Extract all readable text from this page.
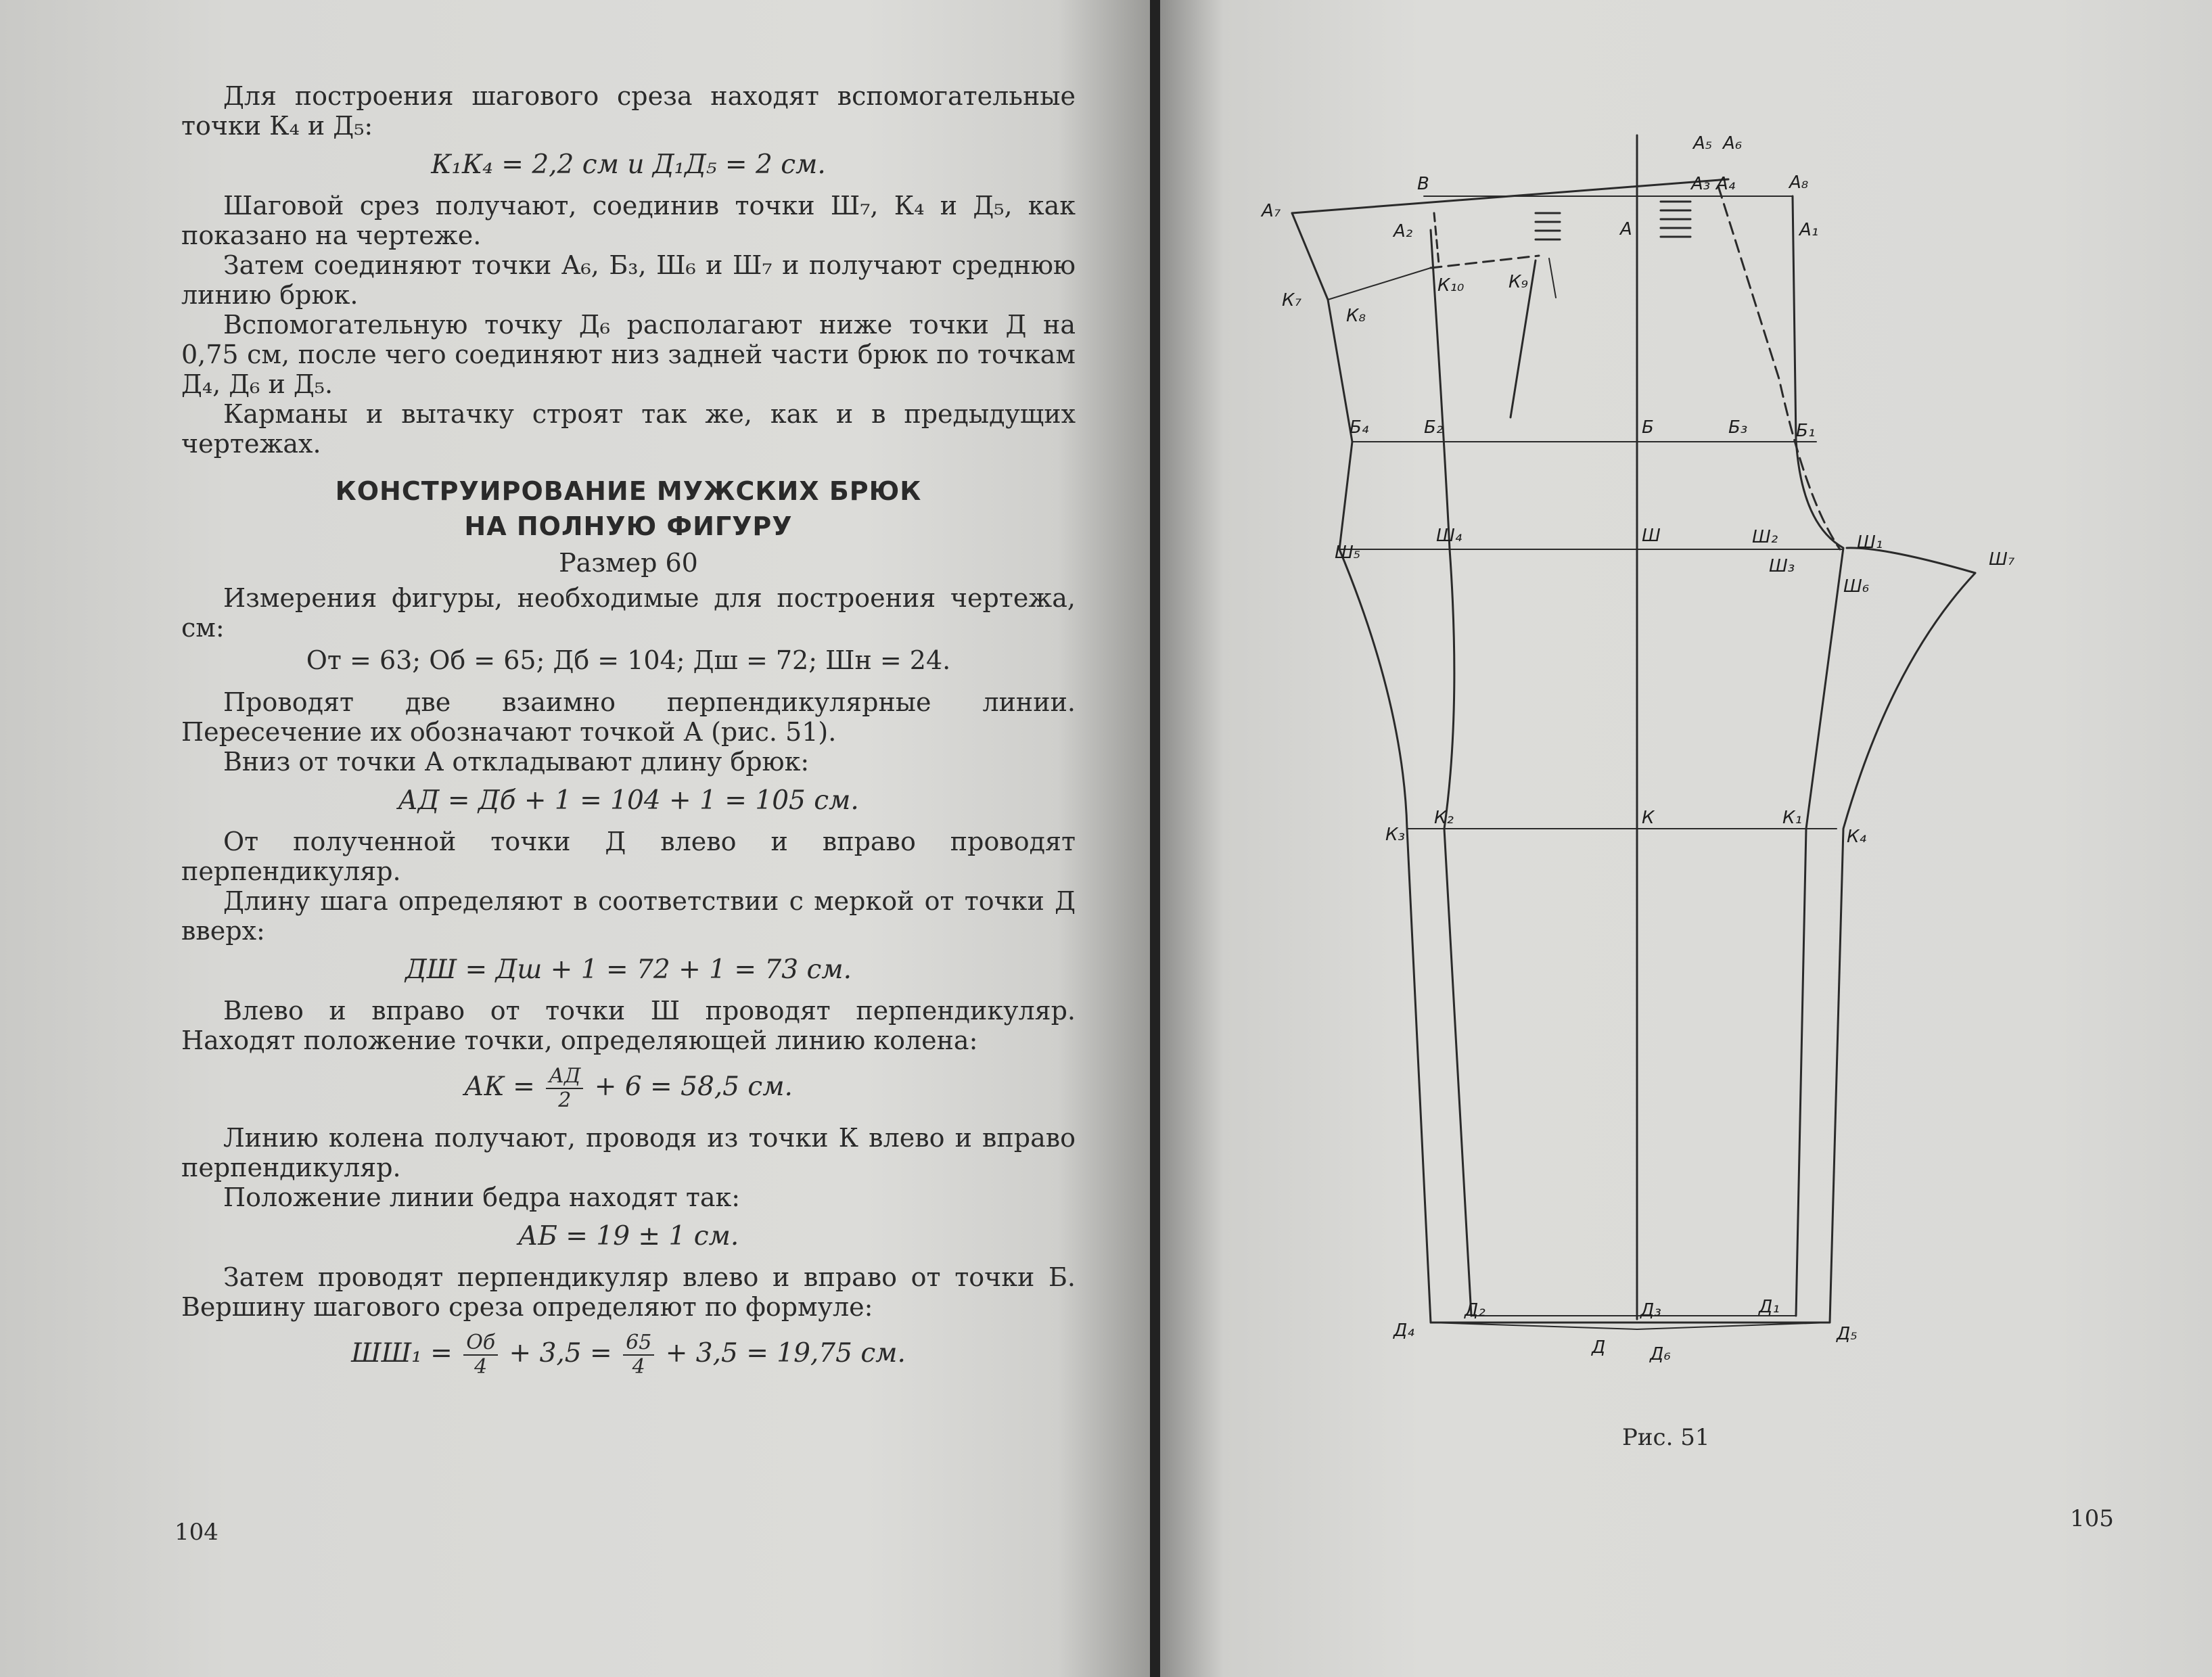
Для построения шагового среза находят вспомогательные точки К₄ и Д₅:

К₁К₄ = 2,2 см и Д₁Д₅ = 2 см.

Шаговой срез получают, соединив точки Ш₇, К₄ и Д₅, как показано на чертеже.

Затем соединяют точки А₆, Б₃, Ш₆ и Ш₇ и получают среднюю линию брюк.

Вспомогательную точку Д₆ располагают ниже точки Д на 0,75 см, после чего соединяют низ задней части брюк по точкам Д₄, Д₆ и Д₅.

Карманы и вытачку строят так же, как и в предыдущих чертежах.

КОНСТРУИРОВАНИЕ МУЖСКИХ БРЮК
НА ПОЛНУЮ ФИГУРУ
Размер 60

Измерения фигуры, необходимые для построения чертежа, см:

Oт = 63; Oб = 65; Дб = 104; Дш = 72; Шн = 24.

Проводят две взаимно перпендикулярные линии. Пересечение их обозначают точкой А (рис. 51).

Вниз от точки А откладывают длину брюк:

АД = Дб + 1 = 104 + 1 = 105 см.

От полученной точки Д влево и вправо проводят перпендикуляр.

Длину шага определяют в соответствии с меркой от точки Д вверх:

ДШ = Дш + 1 = 72 + 1 = 73 см.

Влево и вправо от точки Ш проводят перпендикуляр. Находят положение точки, определяющей линию колена:

АК = $\frac{АД}{2} + 6 = 58,5$ см.

Линию колена получают, проводя из точки К влево и вправо перпендикуляр.

Положение линии бедра находят так:

АБ = 19 ± 1 см.

Затем проводят перпендикуляр влево и вправо от точки Б. Вершину шагового среза определяют по формуле:

$ШШ_1 = \frac{Oб}{4} + 3,5 = \frac{65}{4} + 3,5 = 19,75$ см.

104	105
А₅ А₆
В	А₃ А₄	А₈
А₇
А₂	А	А₁
К₇
К₈
К₁₀	К₉
Б₄	Б₂	Б	Б₃	Б₁
Ш₅
Ш₄	Ш	Ш₂
Ш₃
Ш₁
Ш₆
Ш₇
К₃
К₂	К	К₁
К₄
Д₂	Д₃	Д₁
Д₄	Д₅
Д	Д₆
Рис. 51
